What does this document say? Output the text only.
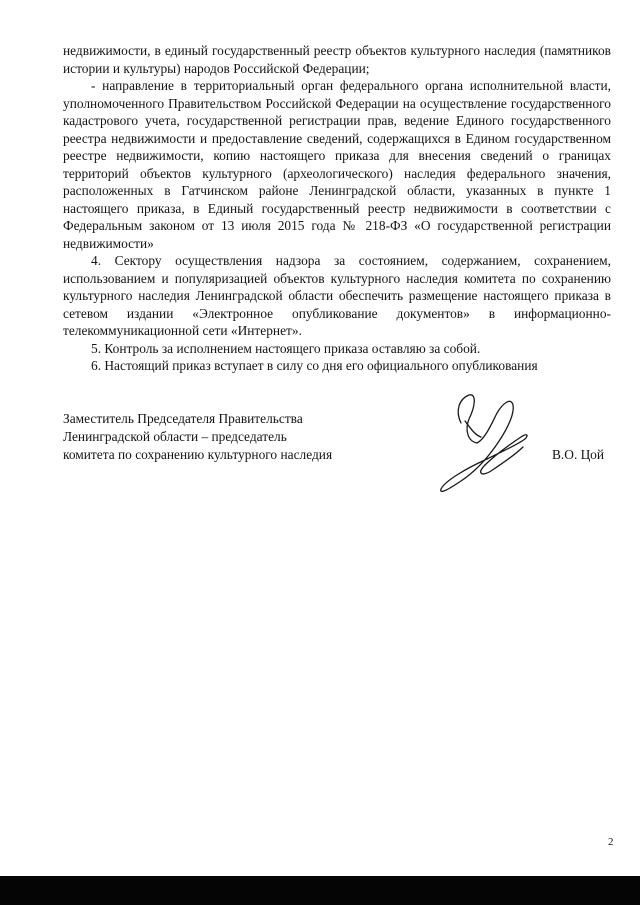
недвижимости, в единый государственный реестр объектов культурного наследия (памятников истории и культуры) народов Российской Федерации;

- направление в территориальный орган федерального органа исполнительной власти, уполномоченного Правительством Российской Федерации на осуществление государственного кадастрового учета, государственной регистрации прав, ведение Единого государственного реестра недвижимости и предоставление сведений, содержащихся в Едином государственном реестре недвижимости, копию настоящего приказа для внесения сведений о границах территорий объектов культурного (археологического) наследия федерального значения, расположенных в Гатчинском районе Ленинградской области, указанных в пункте 1 настоящего приказа, в Единый государственный реестр недвижимости в соответствии с Федеральным законом от 13 июля 2015 года № 218-ФЗ «О государственной регистрации недвижимости»

4. Сектору осуществления надзора за состоянием, содержанием, сохранением, использованием и популяризацией объектов культурного наследия комитета по сохранению культурного наследия Ленинградской области обеспечить размещение настоящего приказа в сетевом издании «Электронное опубликование документов» в информационно-телекоммуникационной сети «Интернет».

5. Контроль за исполнением настоящего приказа оставляю за собой.

6. Настоящий приказ вступает в силу со дня его официального опубликования

Заместитель Председателя Правительства
Ленинградской области – председатель
комитета по сохранению культурного наследия	В.О. Цой
2
